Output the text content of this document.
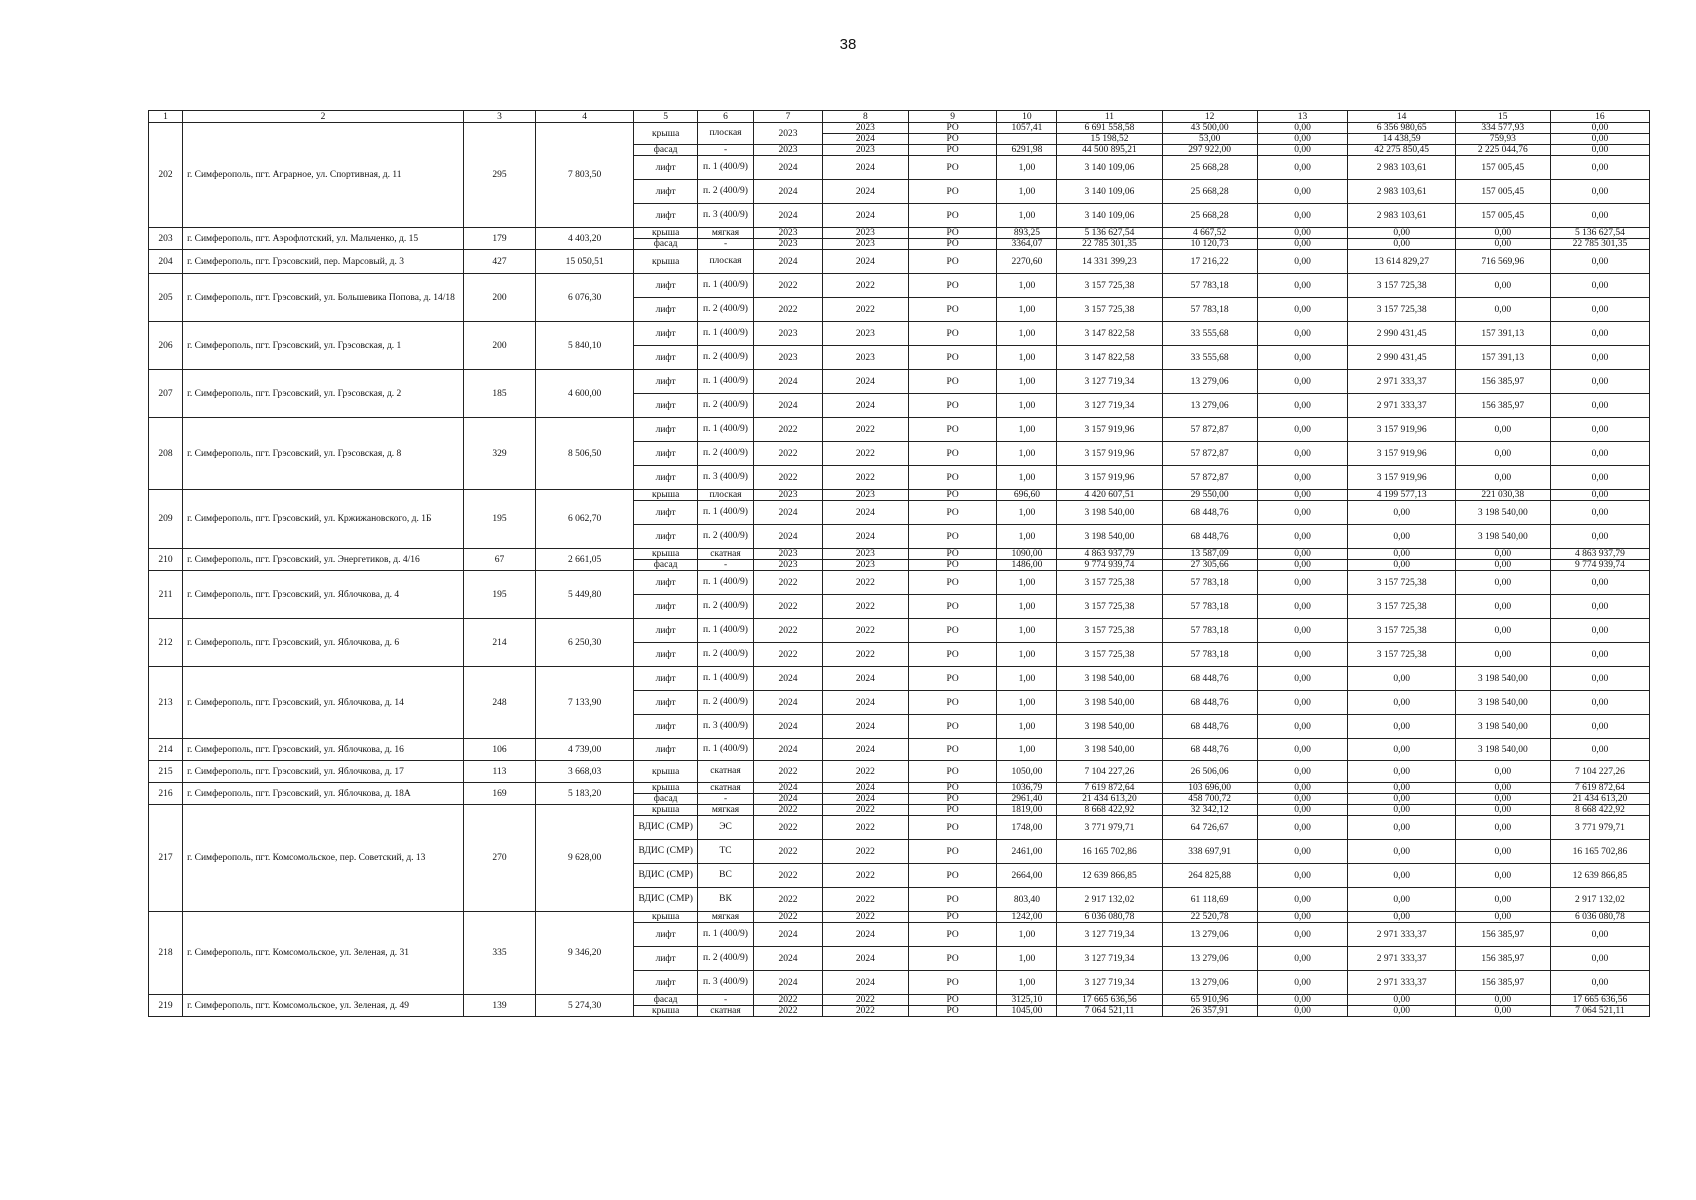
38
1	2	3	4	5	6	7	8	9	10	11	12	13	14	15	16
202	г. Симферополь, пгт. Аграрное, ул. Спортивная, д. 11	295	7 803,50	крыша	плоская	2023	2023	РО	1057,41	6 691 558,58	43 500,00	0,00	6 356 980,65	334 577,93	0,00
							2024	РО		15 198,52	53,00	0,00	14 438,59	759,93	0,00
				фасад	-	2023	2023	РО	6291,98	44 500 895,21	297 922,00	0,00	42 275 850,45	2 225 044,76	0,00
				лифт	п. 1 (400/9)	2024	2024	РО	1,00	3 140 109,06	25 668,28	0,00	2 983 103,61	157 005,45	0,00
				лифт	п. 2 (400/9)	2024	2024	РО	1,00	3 140 109,06	25 668,28	0,00	2 983 103,61	157 005,45	0,00
				лифт	п. 3 (400/9)	2024	2024	РО	1,00	3 140 109,06	25 668,28	0,00	2 983 103,61	157 005,45	0,00
203	г. Симферополь, пгт. Аэрофлотский, ул. Мальченко, д. 15	179	4 403,20	крыша	мягкая	2023	2023	РО	893,25	5 136 627,54	4 667,52	0,00	0,00	0,00	5 136 627,54
				фасад	-	2023	2023	РО	3364,07	22 785 301,35	10 120,73	0,00	0,00	0,00	22 785 301,35
204	г. Симферополь, пгт. Грэсовский, пер. Марсовый, д. 3	427	15 050,51	крыша	плоская	2024	2024	РО	2270,60	14 331 399,23	17 216,22	0,00	13 614 829,27	716 569,96	0,00
205	г. Симферополь, пгт. Грэсовский, ул. Большевика Попова, д. 14/18	200	6 076,30	лифт	п. 1 (400/9)	2022	2022	РО	1,00	3 157 725,38	57 783,18	0,00	3 157 725,38	0,00	0,00
				лифт	п. 2 (400/9)	2022	2022	РО	1,00	3 157 725,38	57 783,18	0,00	3 157 725,38	0,00	0,00
206	г. Симферополь, пгт. Грэсовский, ул. Грэсовская, д. 1	200	5 840,10	лифт	п. 1 (400/9)	2023	2023	РО	1,00	3 147 822,58	33 555,68	0,00	2 990 431,45	157 391,13	0,00
				лифт	п. 2 (400/9)	2023	2023	РО	1,00	3 147 822,58	33 555,68	0,00	2 990 431,45	157 391,13	0,00
207	г. Симферополь, пгт. Грэсовский, ул. Грэсовская, д. 2	185	4 600,00	лифт	п. 1 (400/9)	2024	2024	РО	1,00	3 127 719,34	13 279,06	0,00	2 971 333,37	156 385,97	0,00
				лифт	п. 2 (400/9)	2024	2024	РО	1,00	3 127 719,34	13 279,06	0,00	2 971 333,37	156 385,97	0,00
208	г. Симферополь, пгт. Грэсовский, ул. Грэсовская, д. 8	329	8 506,50	лифт	п. 1 (400/9)	2022	2022	РО	1,00	3 157 919,96	57 872,87	0,00	3 157 919,96	0,00	0,00
				лифт	п. 2 (400/9)	2022	2022	РО	1,00	3 157 919,96	57 872,87	0,00	3 157 919,96	0,00	0,00
				лифт	п. 3 (400/9)	2022	2022	РО	1,00	3 157 919,96	57 872,87	0,00	3 157 919,96	0,00	0,00
209	г. Симферополь, пгт. Грэсовский, ул. Кржижановского, д. 1Б	195	6 062,70	крыша	плоская	2023	2023	РО	696,60	4 420 607,51	29 550,00	0,00	4 199 577,13	221 030,38	0,00
				лифт	п. 1 (400/9)	2024	2024	РО	1,00	3 198 540,00	68 448,76	0,00	0,00	3 198 540,00	0,00
				лифт	п. 2 (400/9)	2024	2024	РО	1,00	3 198 540,00	68 448,76	0,00	0,00	3 198 540,00	0,00
210	г. Симферополь, пгт. Грэсовский, ул. Энергетиков, д. 4/16	67	2 661,05	крыша	скатная	2023	2023	РО	1090,00	4 863 937,79	13 587,09	0,00	0,00	0,00	4 863 937,79
				фасад	-	2023	2023	РО	1486,00	9 774 939,74	27 305,66	0,00	0,00	0,00	9 774 939,74
211	г. Симферополь, пгт. Грэсовский, ул. Яблочкова, д. 4	195	5 449,80	лифт	п. 1 (400/9)	2022	2022	РО	1,00	3 157 725,38	57 783,18	0,00	3 157 725,38	0,00	0,00
				лифт	п. 2 (400/9)	2022	2022	РО	1,00	3 157 725,38	57 783,18	0,00	3 157 725,38	0,00	0,00
212	г. Симферополь, пгт. Грэсовский, ул. Яблочкова, д. 6	214	6 250,30	лифт	п. 1 (400/9)	2022	2022	РО	1,00	3 157 725,38	57 783,18	0,00	3 157 725,38	0,00	0,00
				лифт	п. 2 (400/9)	2022	2022	РО	1,00	3 157 725,38	57 783,18	0,00	3 157 725,38	0,00	0,00
213	г. Симферополь, пгт. Грэсовский, ул. Яблочкова, д. 14	248	7 133,90	лифт	п. 1 (400/9)	2024	2024	РО	1,00	3 198 540,00	68 448,76	0,00	0,00	3 198 540,00	0,00
				лифт	п. 2 (400/9)	2024	2024	РО	1,00	3 198 540,00	68 448,76	0,00	0,00	3 198 540,00	0,00
				лифт	п. 3 (400/9)	2024	2024	РО	1,00	3 198 540,00	68 448,76	0,00	0,00	3 198 540,00	0,00
214	г. Симферополь, пгт. Грэсовский, ул. Яблочкова, д. 16	106	4 739,00	лифт	п. 1 (400/9)	2024	2024	РО	1,00	3 198 540,00	68 448,76	0,00	0,00	3 198 540,00	0,00
215	г. Симферополь, пгт. Грэсовский, ул. Яблочкова, д. 17	113	3 668,03	крыша	скатная	2022	2022	РО	1050,00	7 104 227,26	26 506,06	0,00	0,00	0,00	7 104 227,26
216	г. Симферополь, пгт. Грэсовский, ул. Яблочкова, д. 18А	169	5 183,20	крыша	скатная	2024	2024	РО	1036,79	7 619 872,64	103 696,00	0,00	0,00	0,00	7 619 872,64
				фасад	-	2024	2024	РО	2961,40	21 434 613,20	458 700,72	0,00	0,00	0,00	21 434 613,20
217	г. Симферополь, пгт. Комсомольское, пер. Советский, д. 13	270	9 628,00	крыша	мягкая	2022	2022	РО	1819,00	8 668 422,92	32 342,12	0,00	0,00	0,00	8 668 422,92
				ВДИС (СМР)	ЭС	2022	2022	РО	1748,00	3 771 979,71	64 726,67	0,00	0,00	0,00	3 771 979,71
				ВДИС (СМР)	ТС	2022	2022	РО	2461,00	16 165 702,86	338 697,91	0,00	0,00	0,00	16 165 702,86
				ВДИС (СМР)	ВС	2022	2022	РО	2664,00	12 639 866,85	264 825,88	0,00	0,00	0,00	12 639 866,85
				ВДИС (СМР)	ВК	2022	2022	РО	803,40	2 917 132,02	61 118,69	0,00	0,00	0,00	2 917 132,02
218	г. Симферополь, пгт. Комсомольское, ул. Зеленая, д. 31	335	9 346,20	крыша	мягкая	2022	2022	РО	1242,00	6 036 080,78	22 520,78	0,00	0,00	0,00	6 036 080,78
				лифт	п. 1 (400/9)	2024	2024	РО	1,00	3 127 719,34	13 279,06	0,00	2 971 333,37	156 385,97	0,00
				лифт	п. 2 (400/9)	2024	2024	РО	1,00	3 127 719,34	13 279,06	0,00	2 971 333,37	156 385,97	0,00
				лифт	п. 3 (400/9)	2024	2024	РО	1,00	3 127 719,34	13 279,06	0,00	2 971 333,37	156 385,97	0,00
219	г. Симферополь, пгт. Комсомольское, ул. Зеленая, д. 49	139	5 274,30	фасад	-	2022	2022	РО	3125,10	17 665 636,56	65 910,96	0,00	0,00	0,00	17 665 636,56
				крыша	скатная	2022	2022	РО	1045,00	7 064 521,11	26 357,91	0,00	0,00	0,00	7 064 521,11
